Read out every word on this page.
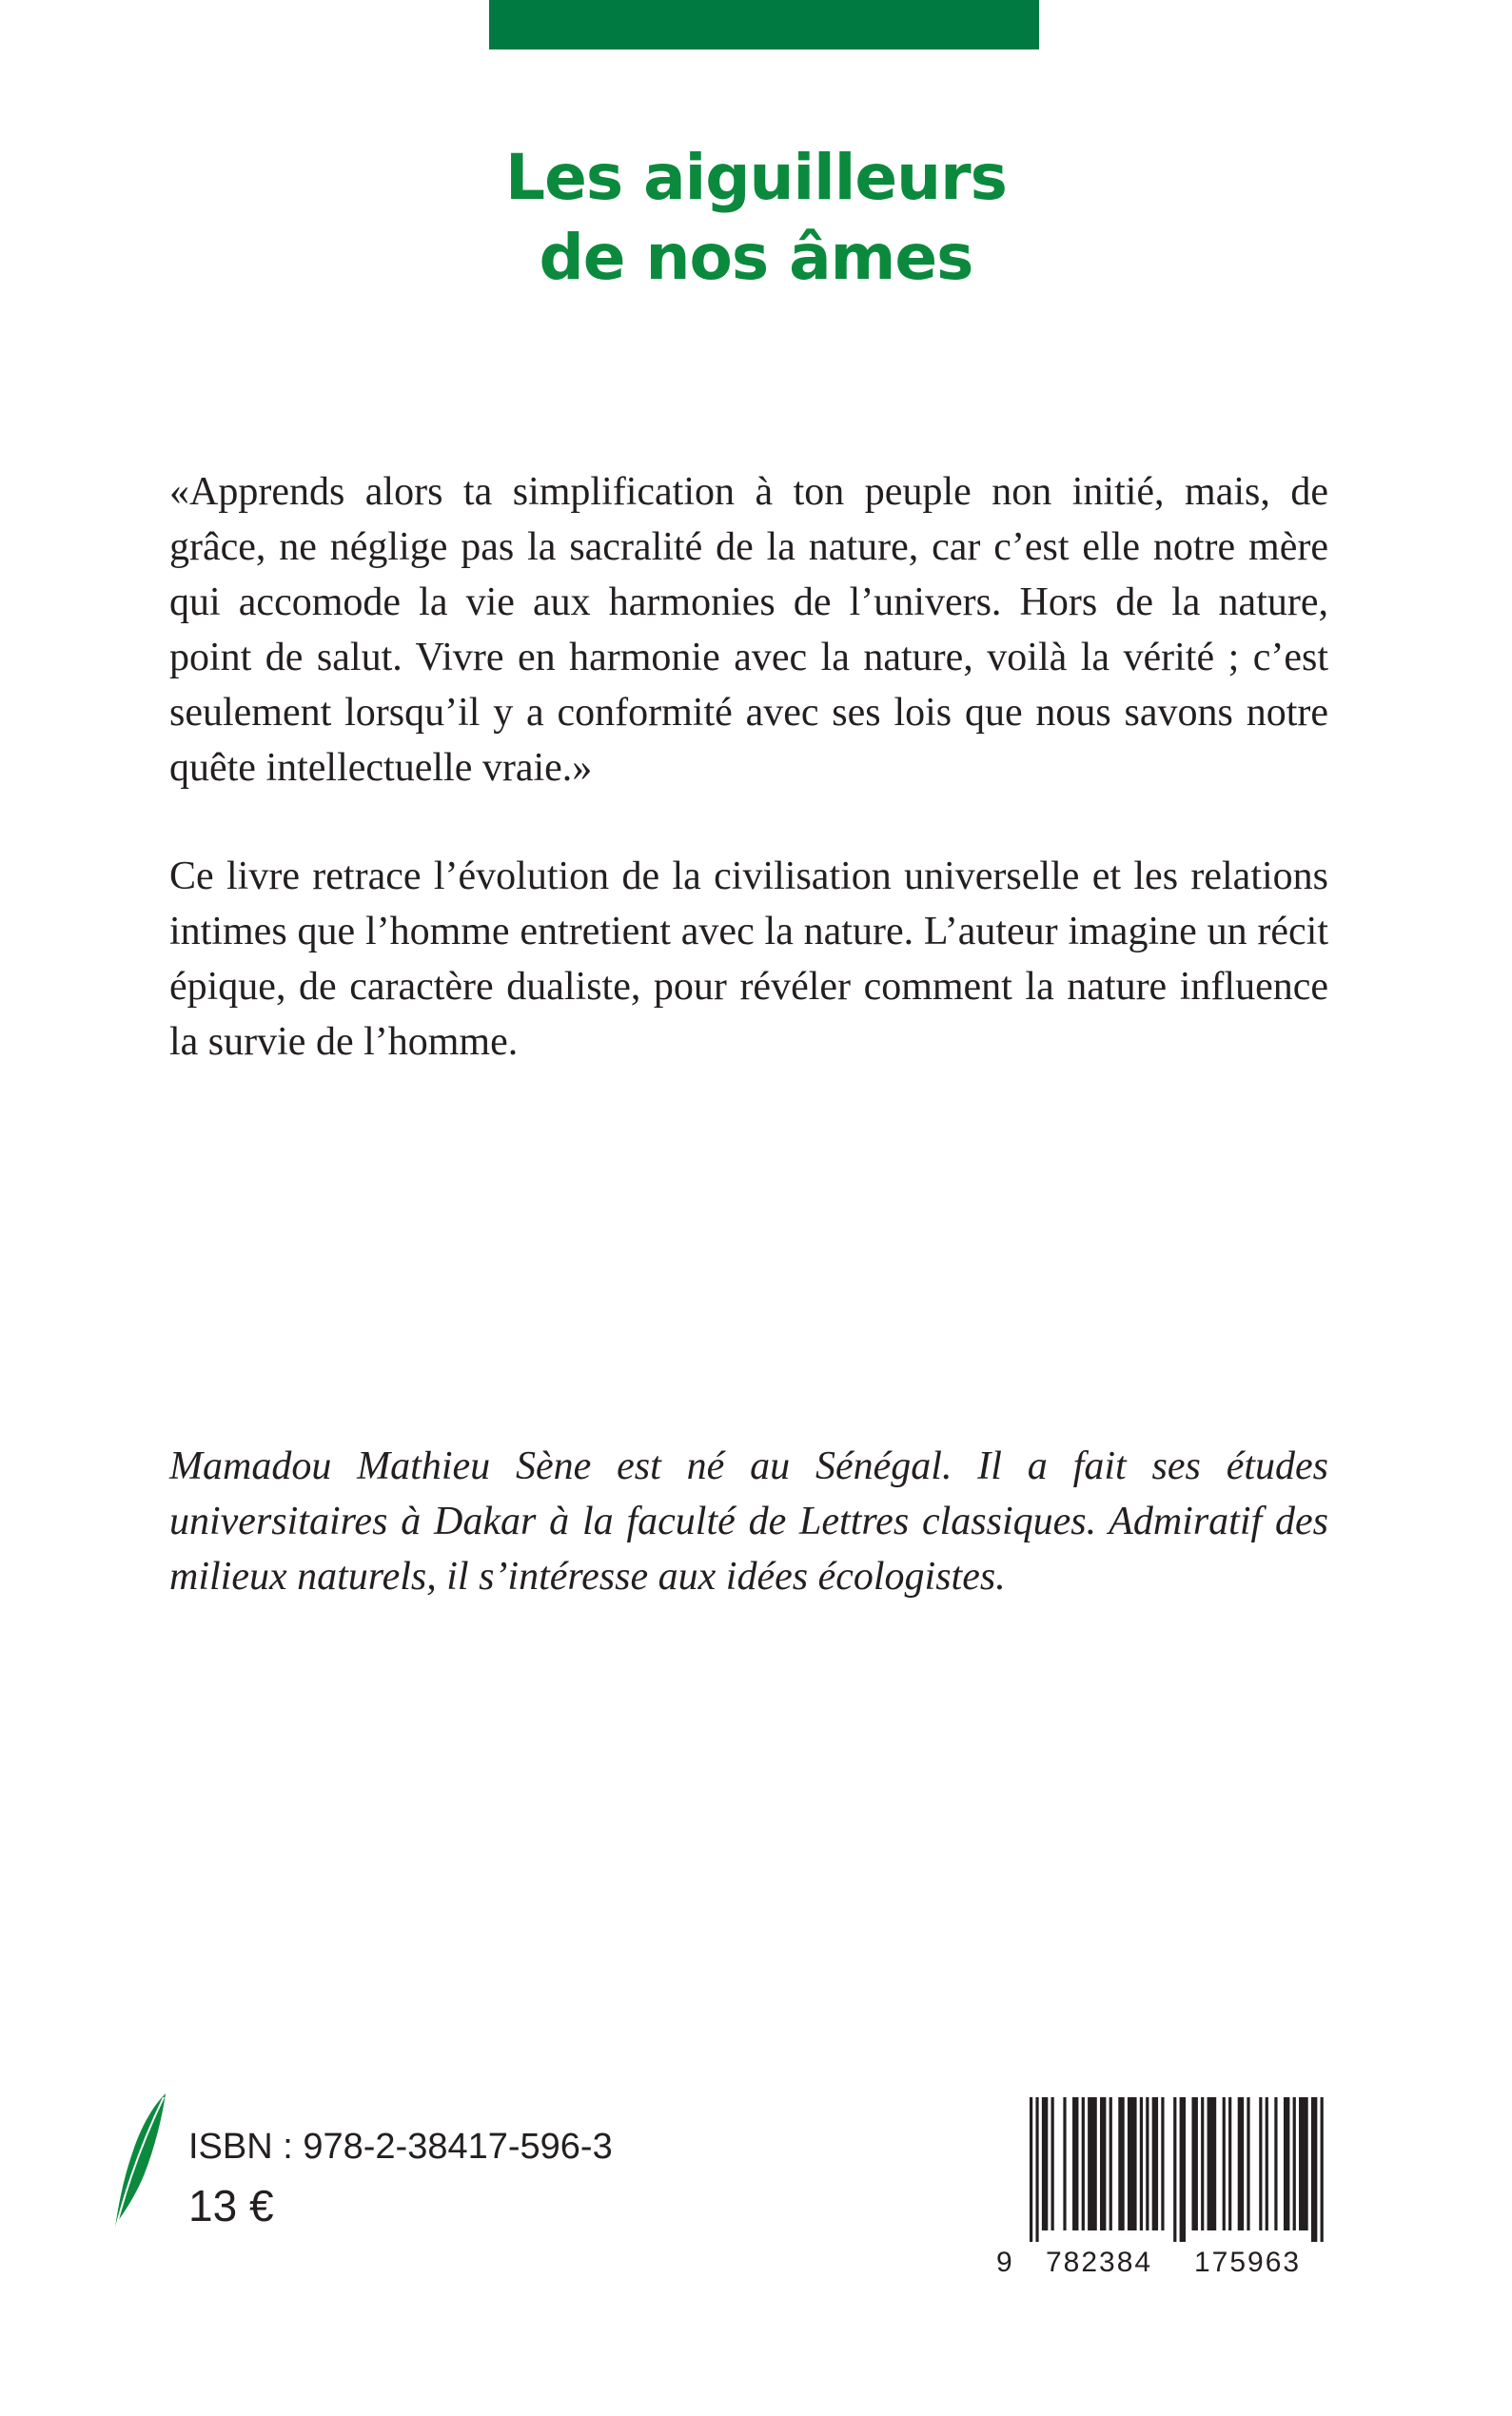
Les aiguilleurs
de nos âmes

«Apprends alors ta simplification à ton peuple non initié, mais, de grâce, ne néglige pas la sacralité de la nature, car c’est elle notre mère qui accomode la vie aux harmonies de l’univers. Hors de la nature, point de salut. Vivre en harmonie avec la nature, voilà la vérité ; c’est seulement lorsqu’il y a conformité avec ses lois que nous savons notre quête intellectuelle vraie.»

Ce livre retrace l’évolution de la civilisation universelle et les relations intimes que l’homme entretient avec la nature. L’auteur imagine un récit épique, de caractère dualiste, pour révéler comment la nature influence la survie de l’homme.

Mamadou Mathieu Sène est né au Sénégal. Il a fait ses études universitaires à Dakar à la faculté de Lettres classiques. Admiratif des milieux naturels, il s’intéresse aux idées écologistes.

ISBN : 978-2-38417-596-3
13 €
9 782384 175963
